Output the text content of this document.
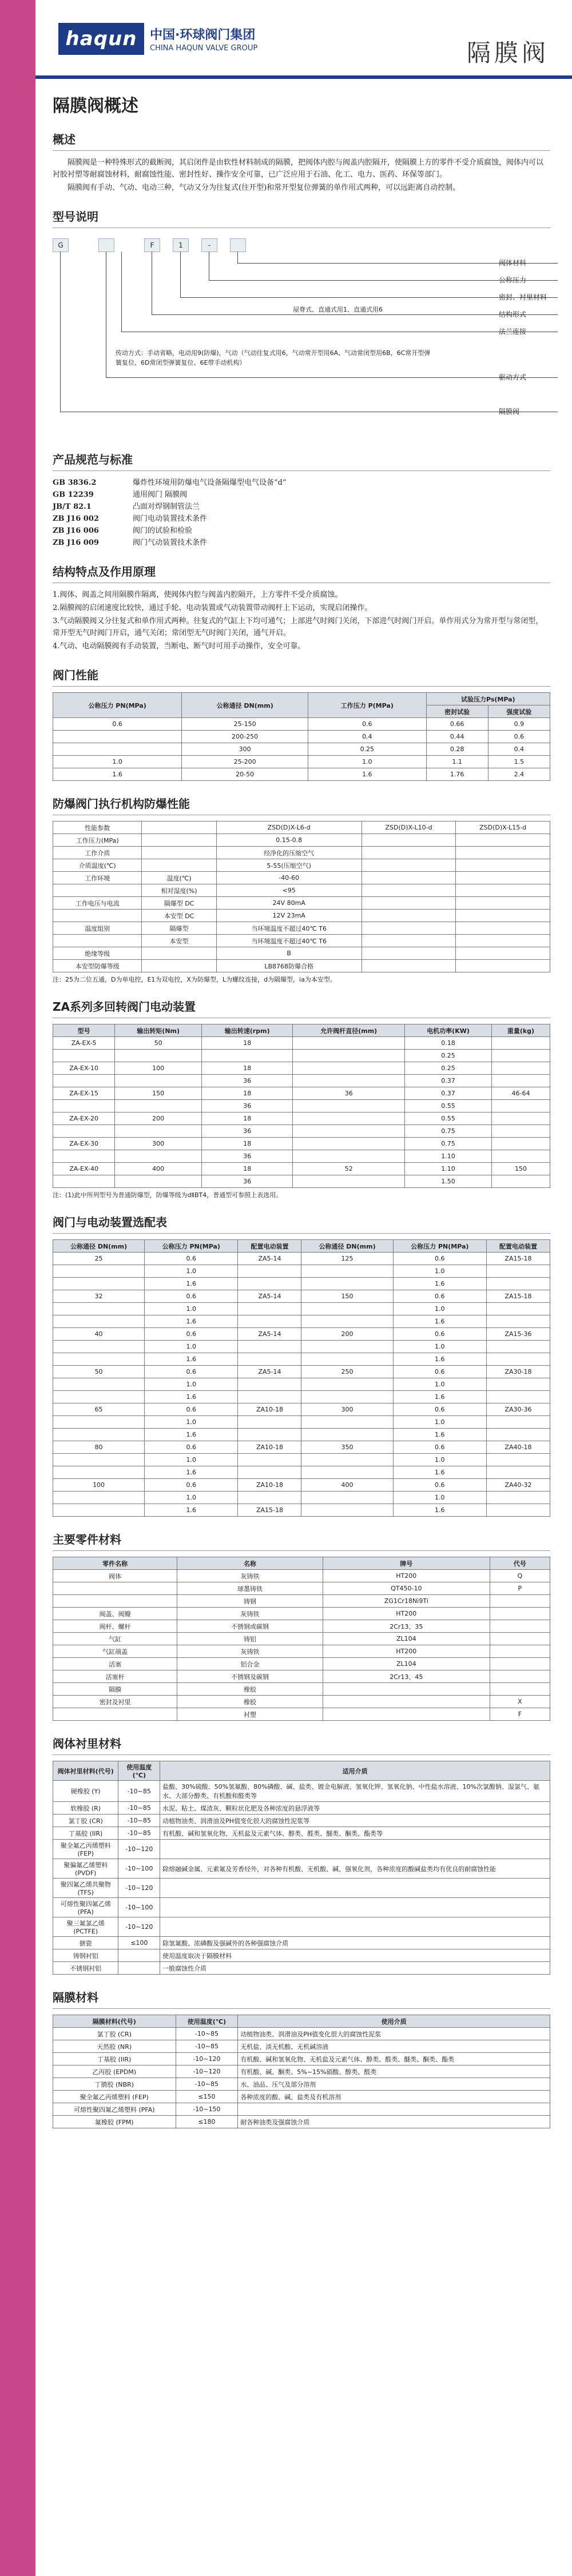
haqun	中国·环球阀门集团
CHINA HAQUN VALVE GROUP	隔膜阀
隔膜阀概述
概述

隔膜阀是一种特殊形式的截断阀，其启闭件是由软性材料制成的隔膜，把阀体内腔与阀盖内腔隔开，使隔膜上方的零件不受介质腐蚀，阀体内可以衬胶衬塑等耐腐蚀材料，耐腐蚀性能、密封性好、操作安全可靠，已广泛应用于石油、化工、电力、医药、环保等部门。

隔膜阀有手动、气动、电动三种，气动又分为往复式(往开型)和常开型复位弹簧的单作用式两种，可以远距离自动控制。

型号说明
G	F	1	-
阀体材料
公称压力
密封、衬里材料
屋脊式、直通式用1、直通式用6
结构形式
法兰连接
传动方式：手动省略，电动用9(防爆)，气动（气动往复式用6，气动常开型用6A、气动常闭型用6B，6C常开型弹簧复位、6D常闭型弹簧复位、6E带手动机构）
驱动方式
隔膜阀
产品规范与标准
GB 3836.2	爆炸性环境用防爆电气设备隔爆型电气设备“d”
GB 12239	通用阀门 隔膜阀
JB/T 82.1	凸面对焊钢制管法兰
ZB J16 002	阀门电动装置技术条件
ZB J16 006	阀门的试验和检验
ZB J16 009	阀门气动装置技术条件
结构特点及作用原理

1.阀体、阀盖之间用隔膜作隔离，使阀体内腔与阀盖内腔隔开，上方零件不受介质腐蚀。

2.隔膜阀的启闭速度比较快，通过手轮、电动装置或气动装置带动阀杆上下运动，实现启闭操作。

3.气动隔膜阀又分往复式和单作用式两种。往复式的气缸上下均可通气；上部进气时阀门关闭，下部进气时阀门开启。单作用式分为常开型与常闭型，常开型无气时阀门开启，通气关闭；常闭型无气时阀门关闭，通气开启。

4.气动、电动隔膜阀有手动装置，当断电、断气时可用手动操作，安全可靠。

阀门性能
公称压力 PN(MPa)	公称通径 DN(mm)	工作压力 P(MPa)	试验压力Ps(MPa)	
			密封试验	强度试验
0.6	25-150	0.6	0.66	0.9
	200-250	0.4	0.44	0.6
	300	0.25	0.28	0.4
1.0	25-200	1.0	1.1	1.5
1.6	20-50	1.6	1.76	2.4
防爆阀门执行机构防爆性能
性能参数		ZSD(D)X-L6-d	ZSD(D)X-L10-d	ZSD(D)X-L15-d
工作压力(MPa)		0.15-0.8		
工作介质		经净化的压缩空气		
介质温度(℃)		5-55(压缩空气)		
工作环境	温度(℃)	-40-60		
	相对湿度(%)	<95		
工作电压与电流	隔爆型 DC	24V 80mA		
	本安型 DC	12V 23mA		
温度组别	隔爆型	当环境温度不超过40℃ T6		
	本安型	当环境温度不超过40℃ T6		
绝缘等级		B		
本安型防爆等级		LB8768防爆合格		
注：25为二位五通，D为单电控，E1为双电控，X为防爆型，L为螺纹连接，d为隔爆型，ia为本安型。
ZA系列多回转阀门电动装置
型号	输出转矩(Nm)	输出转速(rpm)	允许阀杆直径(mm)	电机功率(KW)	重量(kg)
ZA-EX-5	50	18		0.18	
				0.25	
ZA-EX-10	100	18		0.25	
		36		0.37	
ZA-EX-15	150	18	36	0.37	46-64
		36		0.55	
ZA-EX-20	200	18		0.55	
		36		0.75	
ZA-EX-30	300	18		0.75	
		36		1.10	
ZA-EX-40	400	18	52	1.10	150
		36		1.50	
注：(1)此中所列型号为普通防爆型，防爆等级为dⅡBT4，普通型可参照上表选用。
阀门与电动装置选配表
公称通径 DN(mm)	公称压力 PN(MPa)	配置电动装置	公称通径 DN(mm)	公称压力 PN(MPa)	配置电动装置
25	0.6	ZA5-14	125	0.6	ZA15-18
	1.0			1.0	
	1.6			1.6	
32	0.6	ZA5-14	150	0.6	ZA15-18
	1.0			1.0	
	1.6			1.6	
40	0.6	ZA5-14	200	0.6	ZA15-36
	1.0			1.0	
	1.6			1.6	
50	0.6	ZA5-14	250	0.6	ZA30-18
	1.0			1.0	
	1.6			1.6	
65	0.6	ZA10-18	300	0.6	ZA30-36
	1.0			1.0	
	1.6			1.6	
80	0.6	ZA10-18	350	0.6	ZA40-18
	1.0			1.0	
	1.6			1.6	
100	0.6	ZA10-18	400	0.6	ZA40-32
	1.0			1.0	
	1.6	ZA15-18		1.6	
主要零件材料
零件名称	名称	牌号	代号
阀体	灰铸铁	HT200	Q
	球墨铸铁	QT450-10	P
	铸钢	ZG1Cr18Ni9Ti	
阀盖、阀瓣	灰铸铁	HT200	
阀杆、螺杆	不锈钢或碳钢	2Cr13、35	
气缸	铸铝	ZL104	
气缸端盖	灰铸铁	HT200	
活塞	铝合金	ZL104	
活塞杆	不锈钢及碳钢	2Cr13、45	
隔膜	橡胶		
密封及衬里	橡胶		X
	衬塑		F
阀体衬里材料
阀体衬里材料(代号)	使用温度(℃)	适用介质
硬橡胶 (Y)	-10~85	盐酸、30%硫酸、50%氢氟酸、80%磷酸、碱、盐类、镀金电解液、氢氧化钾、氢氧化钠、中性盐水溶液、10%次氯酸钠、湿氯气、氨水、大部分醇类、有机酸和醛类等
软橡胶 (R)	-10~85	水泥、粘土、煤渣灰、颗粒状化肥及各种浓度的悬浮液等
氯丁胶 (CR)	-10~85	动植物油类、润滑油及PH值变化很大的腐蚀性泥浆等
丁基胶 (IIR)	-10~85	有机酸、碱和氢氧化物、无机盐及元素气体、醇类、醛类、醚类、酮类、酯类等
聚全氟乙丙烯塑料 (FEP)	-10~120	
聚偏氟乙烯塑料 (PVDF)	-10~100	除熔融碱金属、元素氟及芳香烃外，对各种有机酸、无机酸、碱、强氧化剂，各种浓度的酸碱盐类均有优良的耐腐蚀性能
聚四氟乙烯共聚物 (TFS)	-10~120	
可熔性聚四氟乙烯 (PFA)	-10~100	
聚三氟氯乙烯 (PCTFE)	-10~120	
搪瓷	≤100	除氢氟酸、浓磷酸及强碱外的各种强腐蚀介质
铸钢衬铝		使用温度取决于隔膜材料
不锈钢衬铝		一般腐蚀性介质
隔膜材料
隔膜材料(代号)	使用温度(℃)	使用介质
氯丁胶 (CR)	-10~85	动植物油类、润滑油及PH值变化很大的腐蚀性泥浆
天然胶 (NR)	-10~85	无机盐、淡无机酸、无机碱溶液
丁基胶 (IIR)	-10~120	有机酸、碱和氢氧化物、无机盐及元素气体、醇类、醛类、醚类、酮类、酯类
乙丙胶 (EPDM)	-10~120	有机酸、碱、酮类、5%~15%硝酸、醇类、醛类
丁腈胶 (NBR)	-10~85	水、油品、压气及部分溶剂
聚全氟乙丙烯塑料 (FEP)	≤150	各种浓度的酸、碱、盐类及有机溶剂
可熔性聚四氟乙烯塑料 (PFA)	-10~150	
氟橡胶 (FPM)	≤180	耐各种油类及强腐蚀介质
